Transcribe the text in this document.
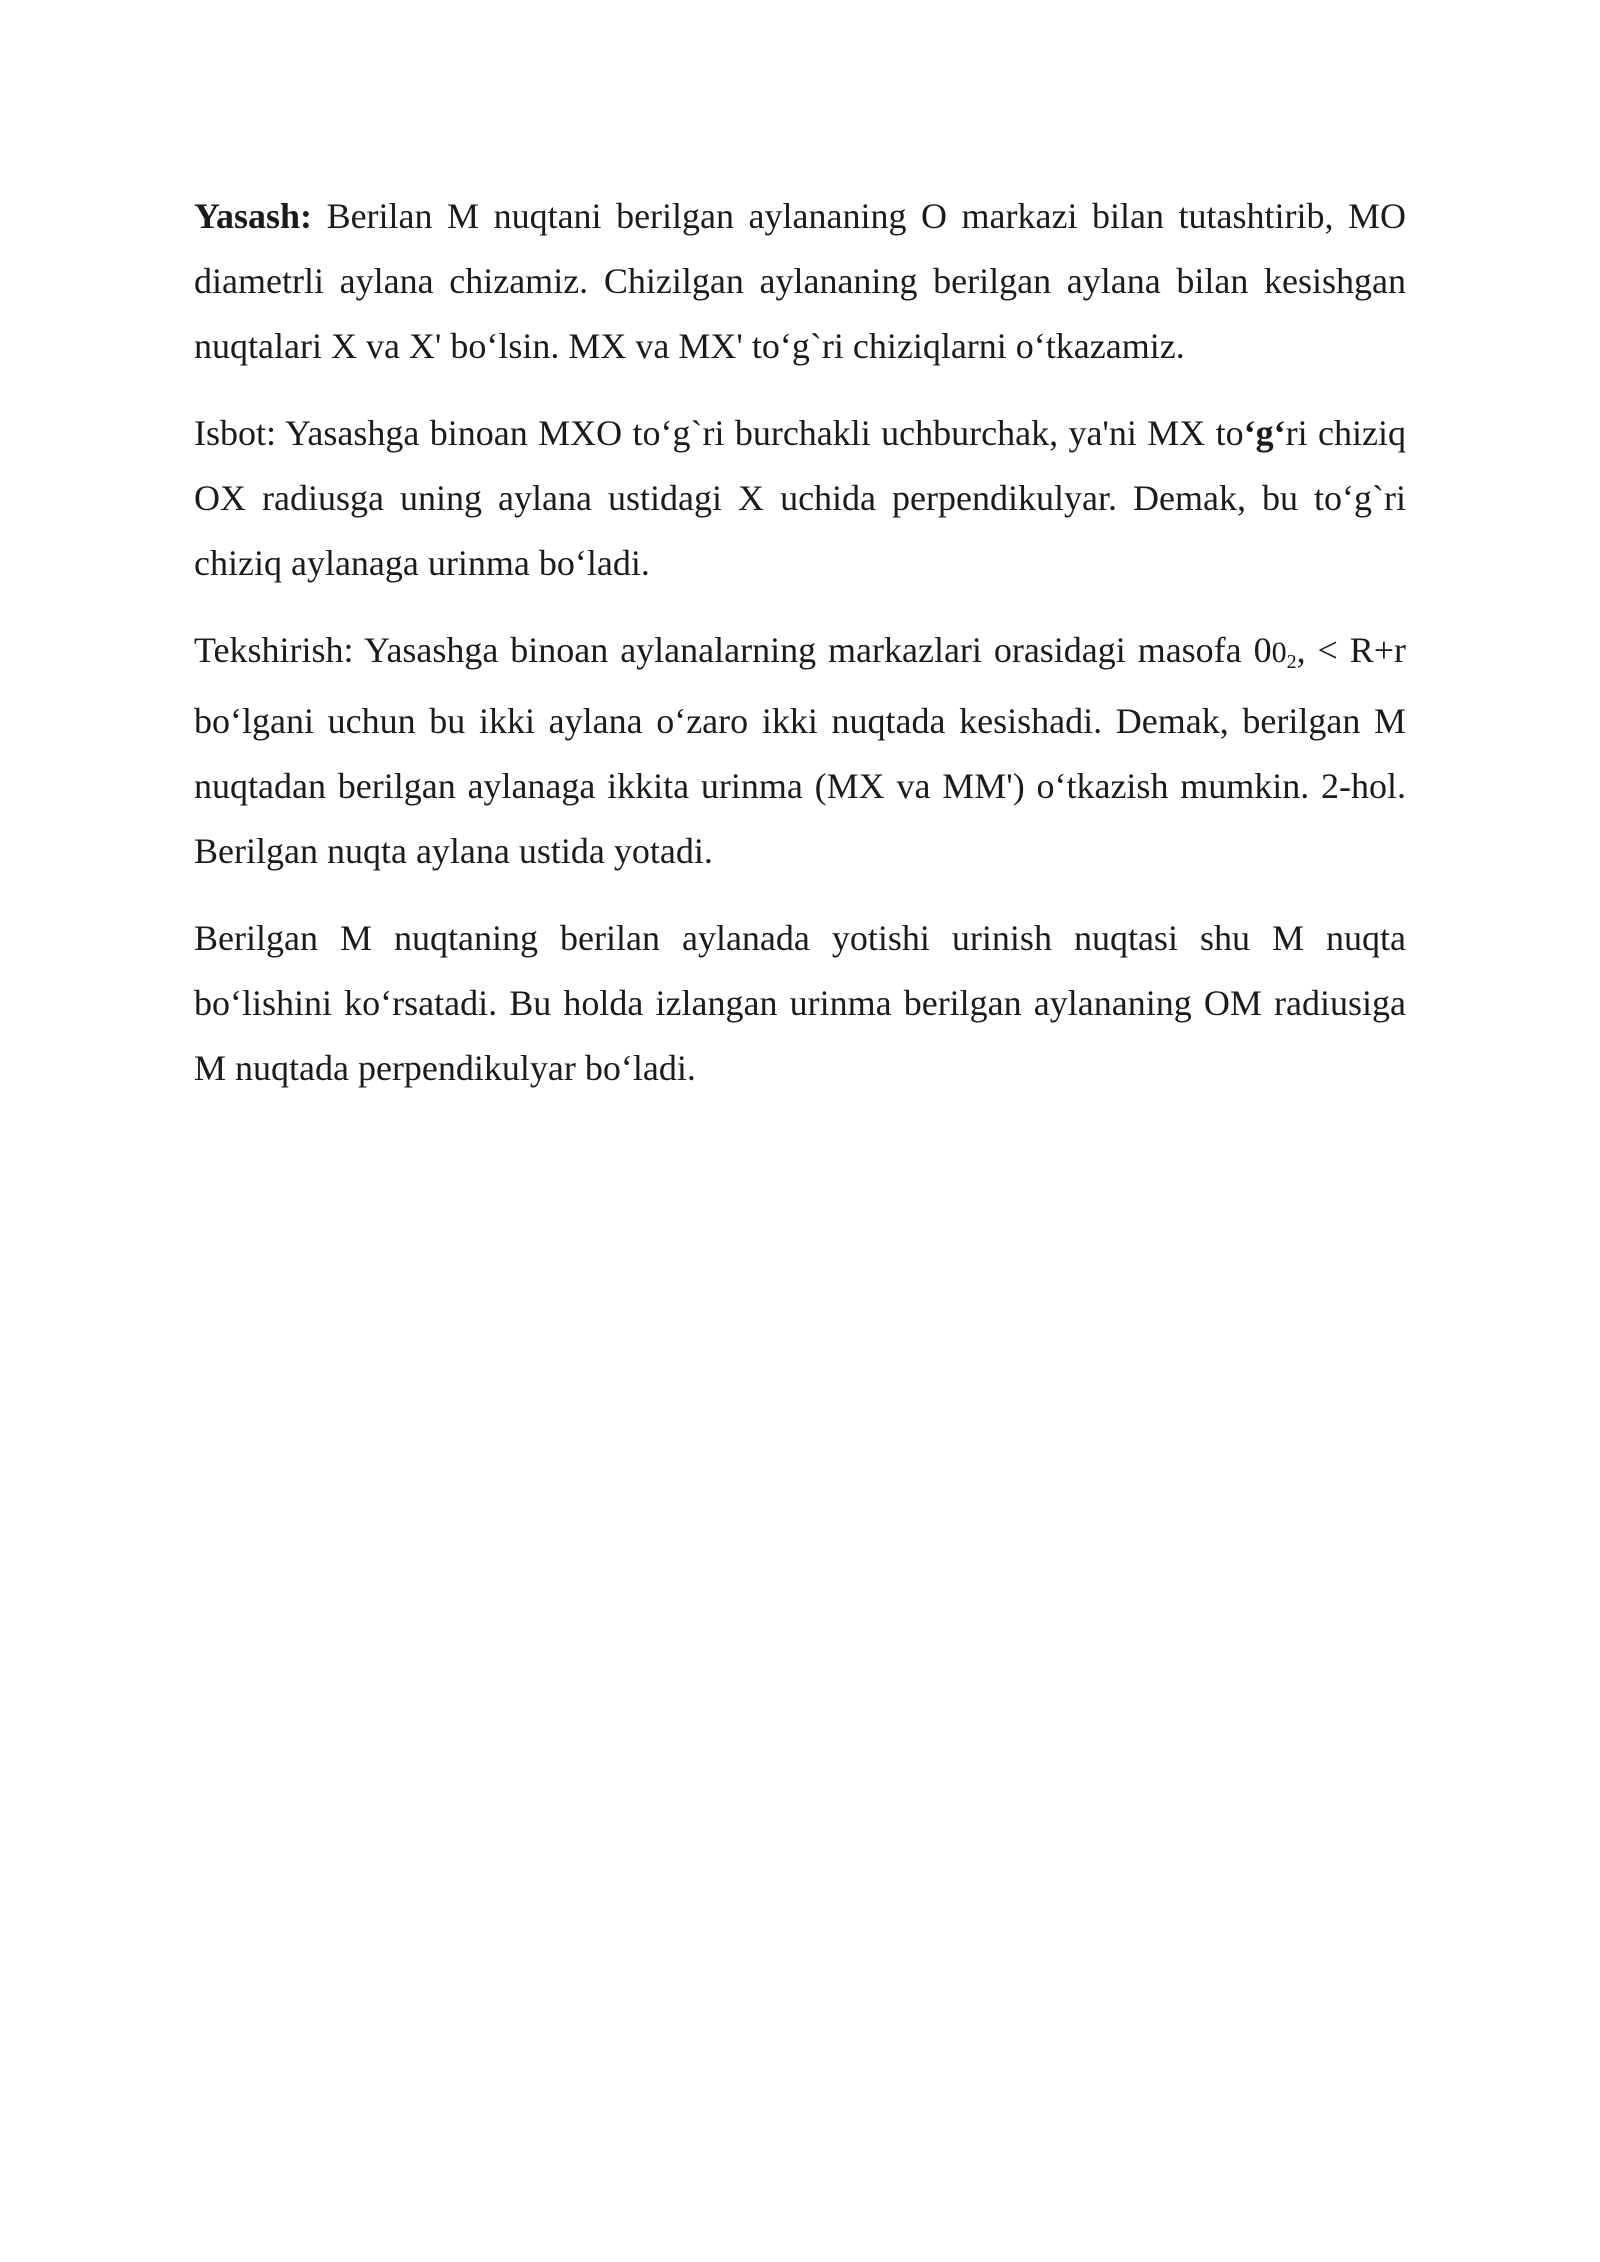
Yasash: Berilan M nuqtani berilgan aylananing O markazi bilan tutashtirib, MO diametrli aylana chizamiz. Chizilgan aylananing berilgan aylana bilan kesishgan nuqtalari X va X' bo‘lsin. MX va MX' to‘g`ri chiziqlarni o‘tkazamiz.

Isbot: Yasashga binoan MXO to‘g`ri burchakli uchburchak, ya'ni MX to‘g‘ri chiziq OX radiusga uning aylana ustidagi X uchida perpendikulyar. Demak, bu to‘g`ri chiziq aylanaga urinma bo‘ladi.

Tekshirish: Yasashga binoan aylanalarning markazlari orasidagi masofa 002, < R+r bo‘lgani uchun bu ikki aylana o‘zaro ikki nuqtada kesishadi. Demak, berilgan M nuqtadan berilgan aylanaga ikkita urinma (MX va MM') o‘tkazish mumkin. 2-hol. Berilgan nuqta aylana ustida yotadi.

Berilgan M nuqtaning berilan aylanada yotishi urinish nuqtasi shu M nuqta bo‘lishini ko‘rsatadi. Bu holda izlangan urinma berilgan aylananing OM radiusiga M nuqtada perpendikulyar bo‘ladi.
